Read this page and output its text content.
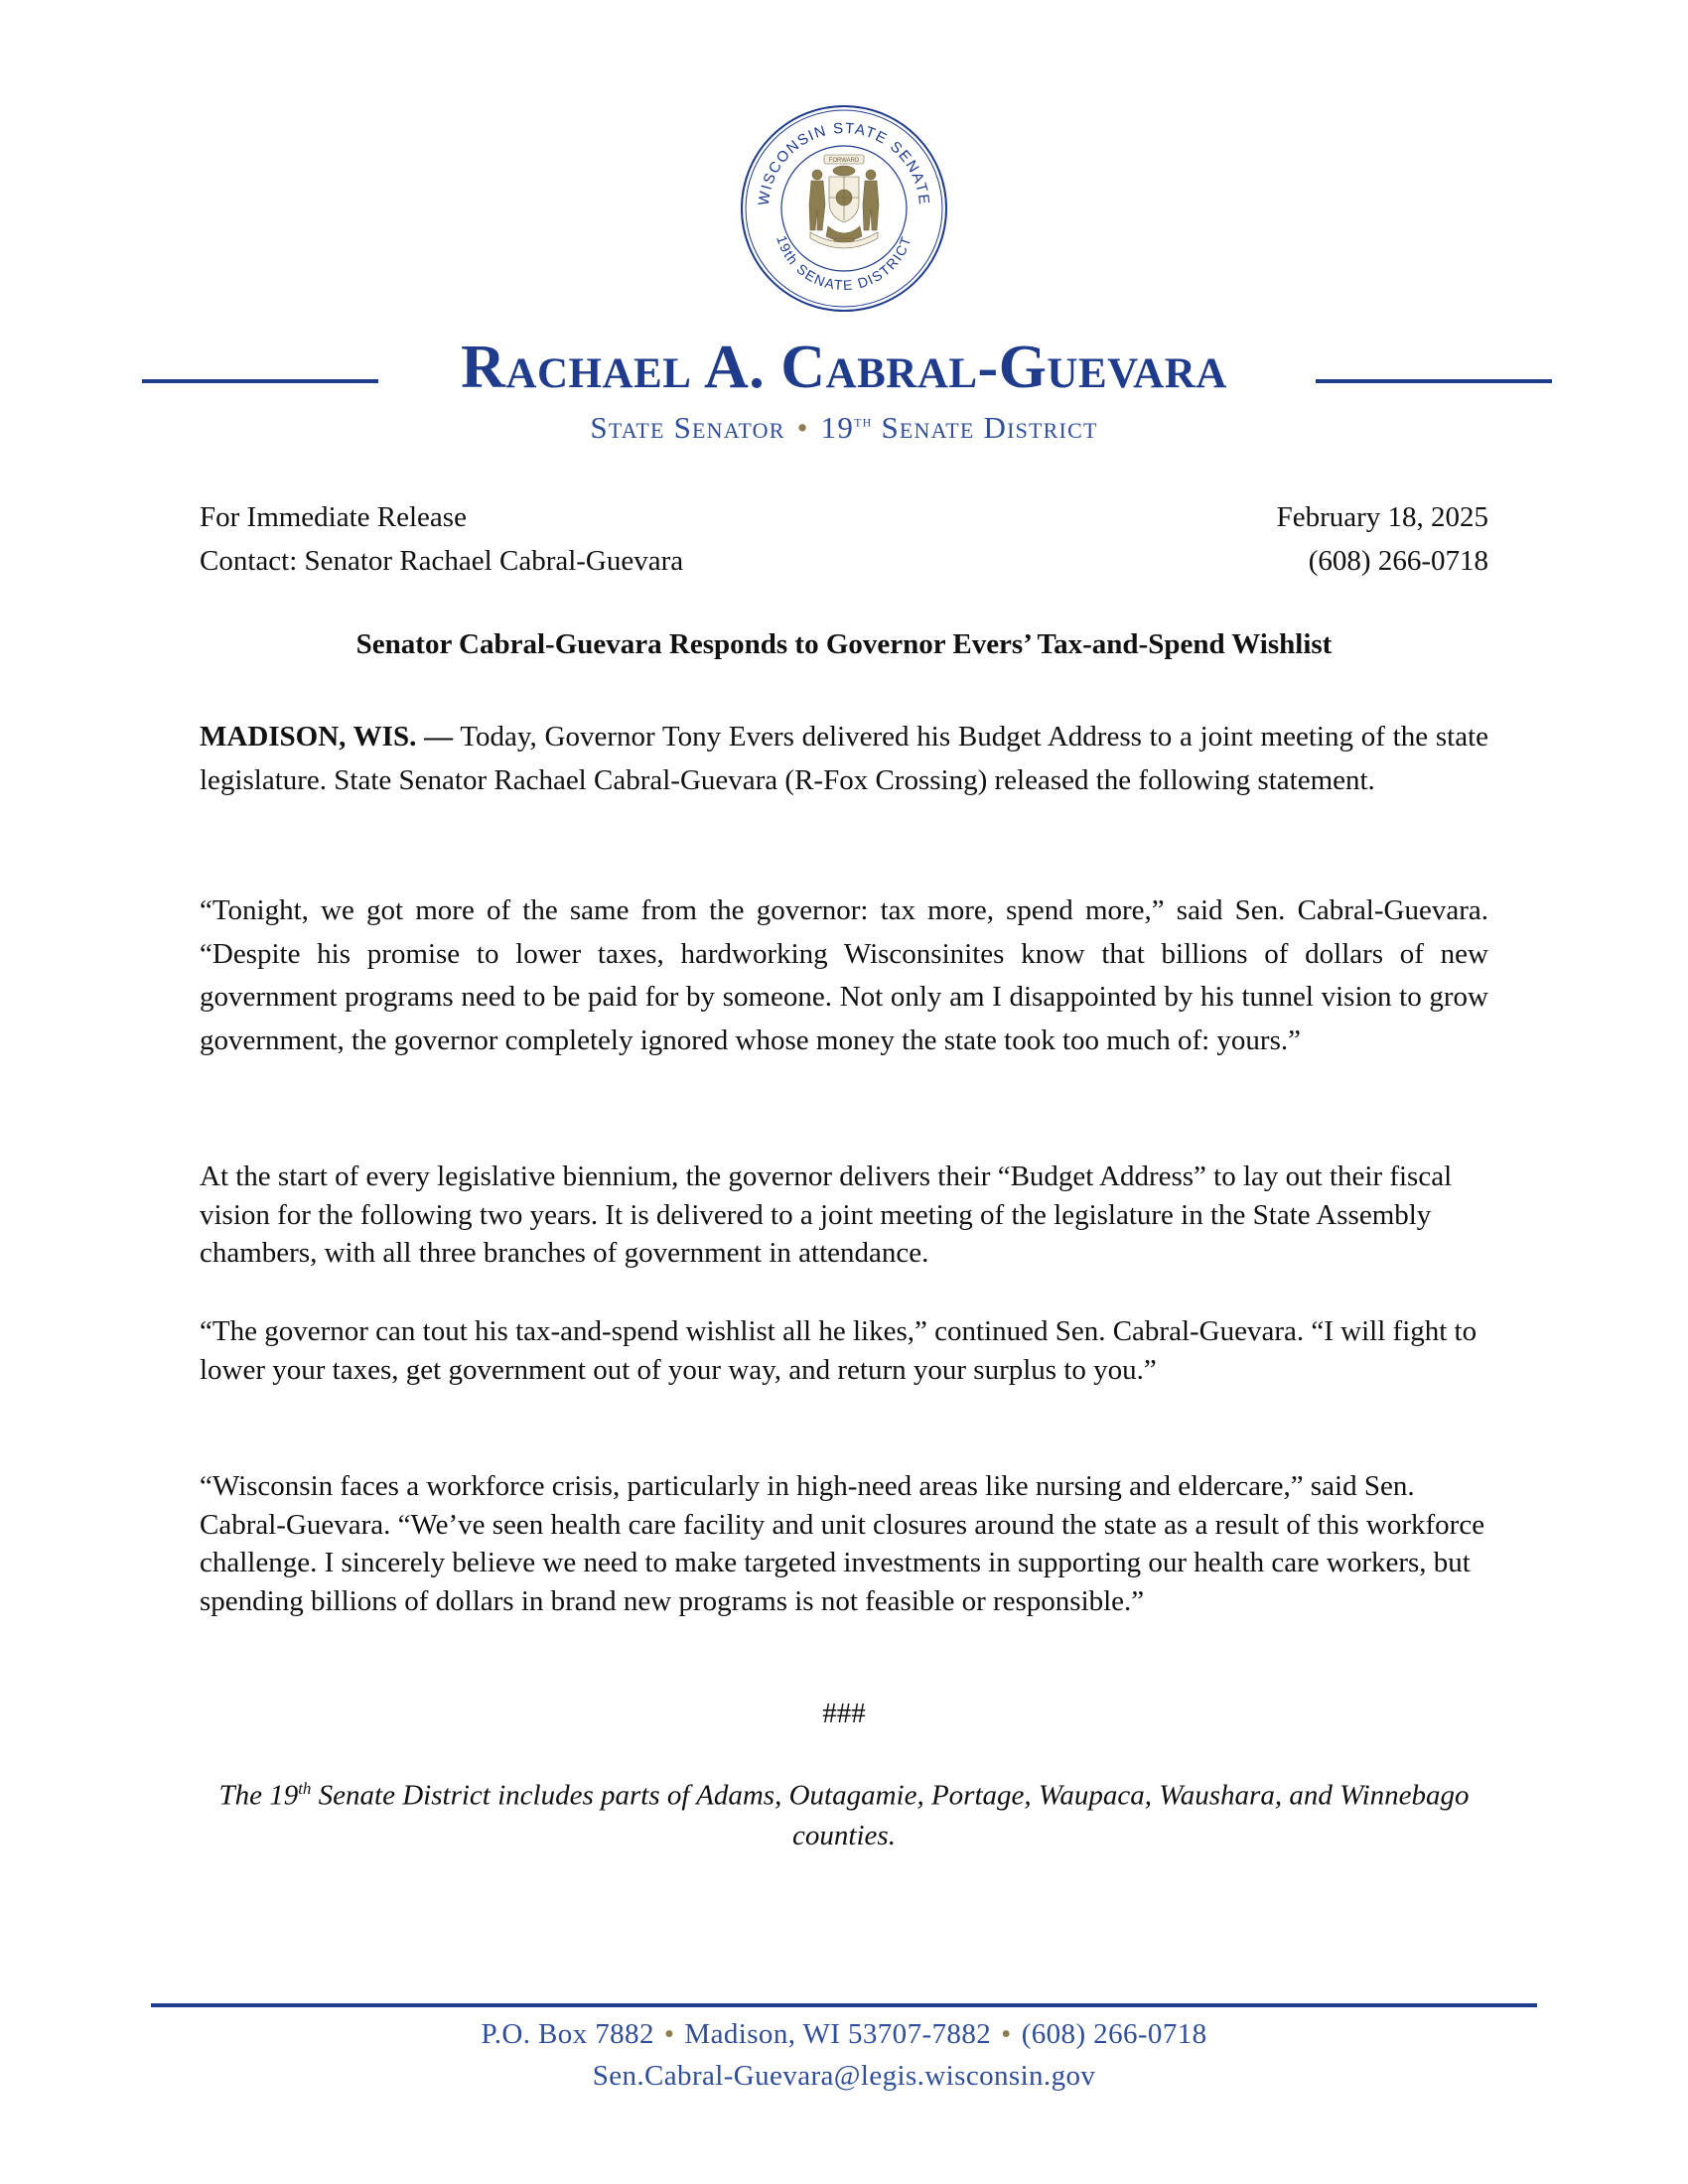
WISCONSIN STATE SENATE
19th SENATE DISTRICT
FORWARD
Rachael A. Cabral-Guevara
State Senator • 19th Senate District
For Immediate Release	February 18, 2025
Contact: Senator Rachael Cabral-Guevara	(608) 266-0718
Senator Cabral-Guevara Responds to Governor Evers’ Tax-and-Spend Wishlist
MADISON, WIS. — Today, Governor Tony Evers delivered his Budget Address to a joint meeting of the state legislature. State Senator Rachael Cabral-Guevara (R-Fox Crossing) released the following statement.
“Tonight, we got more of the same from the governor: tax more, spend more,” said Sen. Cabral-Guevara. “Despite his promise to lower taxes, hardworking Wisconsinites know that billions of dollars of new government programs need to be paid for by someone. Not only am I disappointed by his tunnel vision to grow government, the governor completely ignored whose money the state took too much of: yours.”
At the start of every legislative biennium, the governor delivers their “Budget Address” to lay out their fiscal vision for the following two years. It is delivered to a joint meeting of the legislature in the State Assembly chambers, with all three branches of government in attendance.
“The governor can tout his tax-and-spend wishlist all he likes,” continued Sen. Cabral-Guevara. “I will fight to lower your taxes, get government out of your way, and return your surplus to you.”
“Wisconsin faces a workforce crisis, particularly in high-need areas like nursing and eldercare,” said Sen. Cabral-Guevara. “We’ve seen health care facility and unit closures around the state as a result of this workforce challenge. I sincerely believe we need to make targeted investments in supporting our health care workers, but spending billions of dollars in brand new programs is not feasible or responsible.”
###
The 19th Senate District includes parts of Adams, Outagamie, Portage, Waupaca, Waushara, and Winnebago counties.
P.O. Box 7882 • Madison, WI 53707-7882 • (608) 266-0718
Sen.Cabral-Guevara@legis.wisconsin.gov
